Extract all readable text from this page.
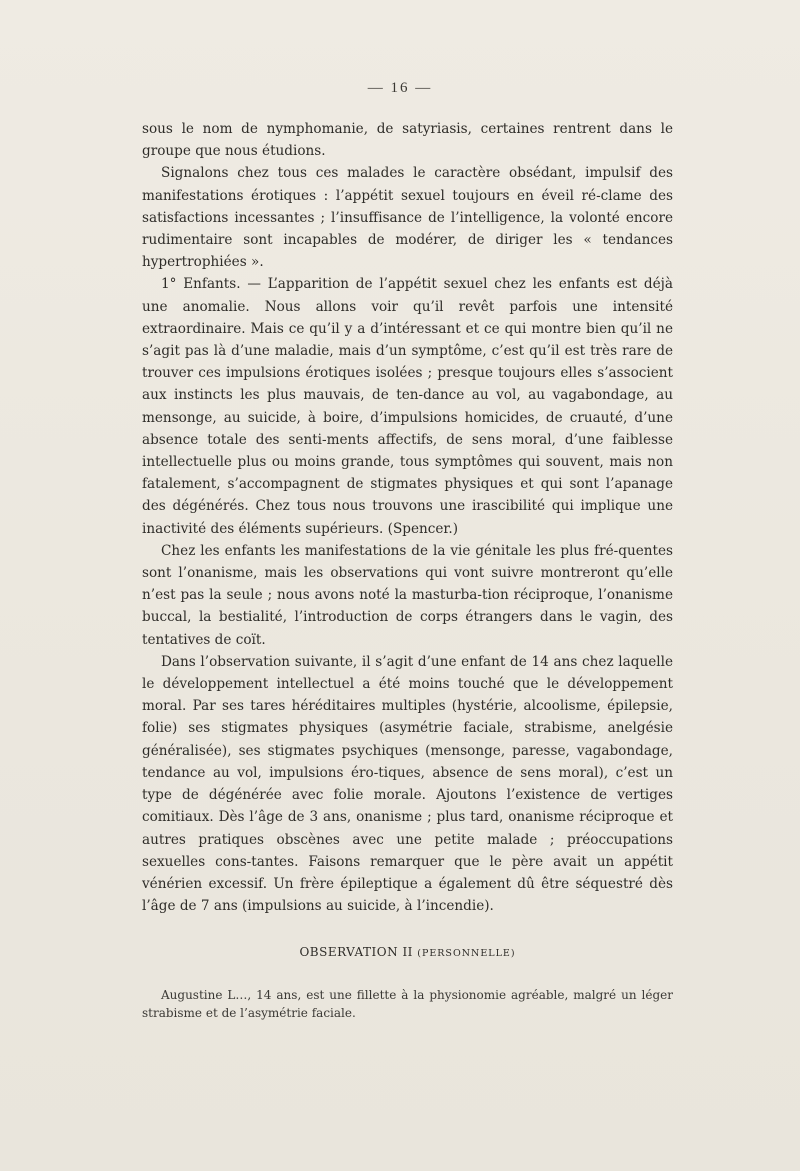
— 16 —

sous le nom de nymphomanie, de satyriasis, certaines rentrent dans le groupe que nous étudions.

Signalons chez tous ces malades le caractère obsédant, impulsif des manifestations érotiques : l’appétit sexuel toujours en éveil ré-clame des satisfactions incessantes ; l’insuffisance de l’intelligence, la volonté encore rudimentaire sont incapables de modérer, de diriger les « tendances hypertrophiées ».

1° Enfants. — L’apparition de l’appétit sexuel chez les enfants est déjà une anomalie. Nous allons voir qu’il revêt parfois une intensité extraordinaire. Mais ce qu’il y a d’intéressant et ce qui montre bien qu’il ne s’agit pas là d’une maladie, mais d’un symptôme, c’est qu’il est très rare de trouver ces impulsions érotiques isolées ; presque toujours elles s’associent aux instincts les plus mauvais, de ten-dance au vol, au vagabondage, au mensonge, au suicide, à boire, d’impulsions homicides, de cruauté, d’une absence totale des senti-ments affectifs, de sens moral, d’une faiblesse intellectuelle plus ou moins grande, tous symptômes qui souvent, mais non fatalement, s’accompagnent de stigmates physiques et qui sont l’apanage des dégénérés. Chez tous nous trouvons une irascibilité qui implique une inactivité des éléments supérieurs. (Spencer.)

Chez les enfants les manifestations de la vie génitale les plus fré-quentes sont l’onanisme, mais les observations qui vont suivre montreront qu’elle n’est pas la seule ; nous avons noté la masturba-tion réciproque, l’onanisme buccal, la bestialité, l’introduction de corps étrangers dans le vagin, des tentatives de coït.

Dans l’observation suivante, il s’agit d’une enfant de 14 ans chez laquelle le développement intellectuel a été moins touché que le développement moral. Par ses tares héréditaires multiples (hystérie, alcoolisme, épilepsie, folie) ses stigmates physiques (asymétrie faciale, strabisme, anelgésie généralisée), ses stigmates psychiques (mensonge, paresse, vagabondage, tendance au vol, impulsions éro-tiques, absence de sens moral), c’est un type de dégénérée avec folie morale. Ajoutons l’existence de vertiges comitiaux. Dès l’âge de 3 ans, onanisme ; plus tard, onanisme réciproque et autres pratiques obscènes avec une petite malade ; préoccupations sexuelles cons-tantes. Faisons remarquer que le père avait un appétit vénérien excessif. Un frère épileptique a également dû être séquestré dès l’âge de 7 ans (impulsions au suicide, à l’incendie).

OBSERVATION II (PERSONNELLE)

Augustine L…, 14 ans, est une fillette à la physionomie agréable, malgré un léger strabisme et de l’asymétrie faciale.
